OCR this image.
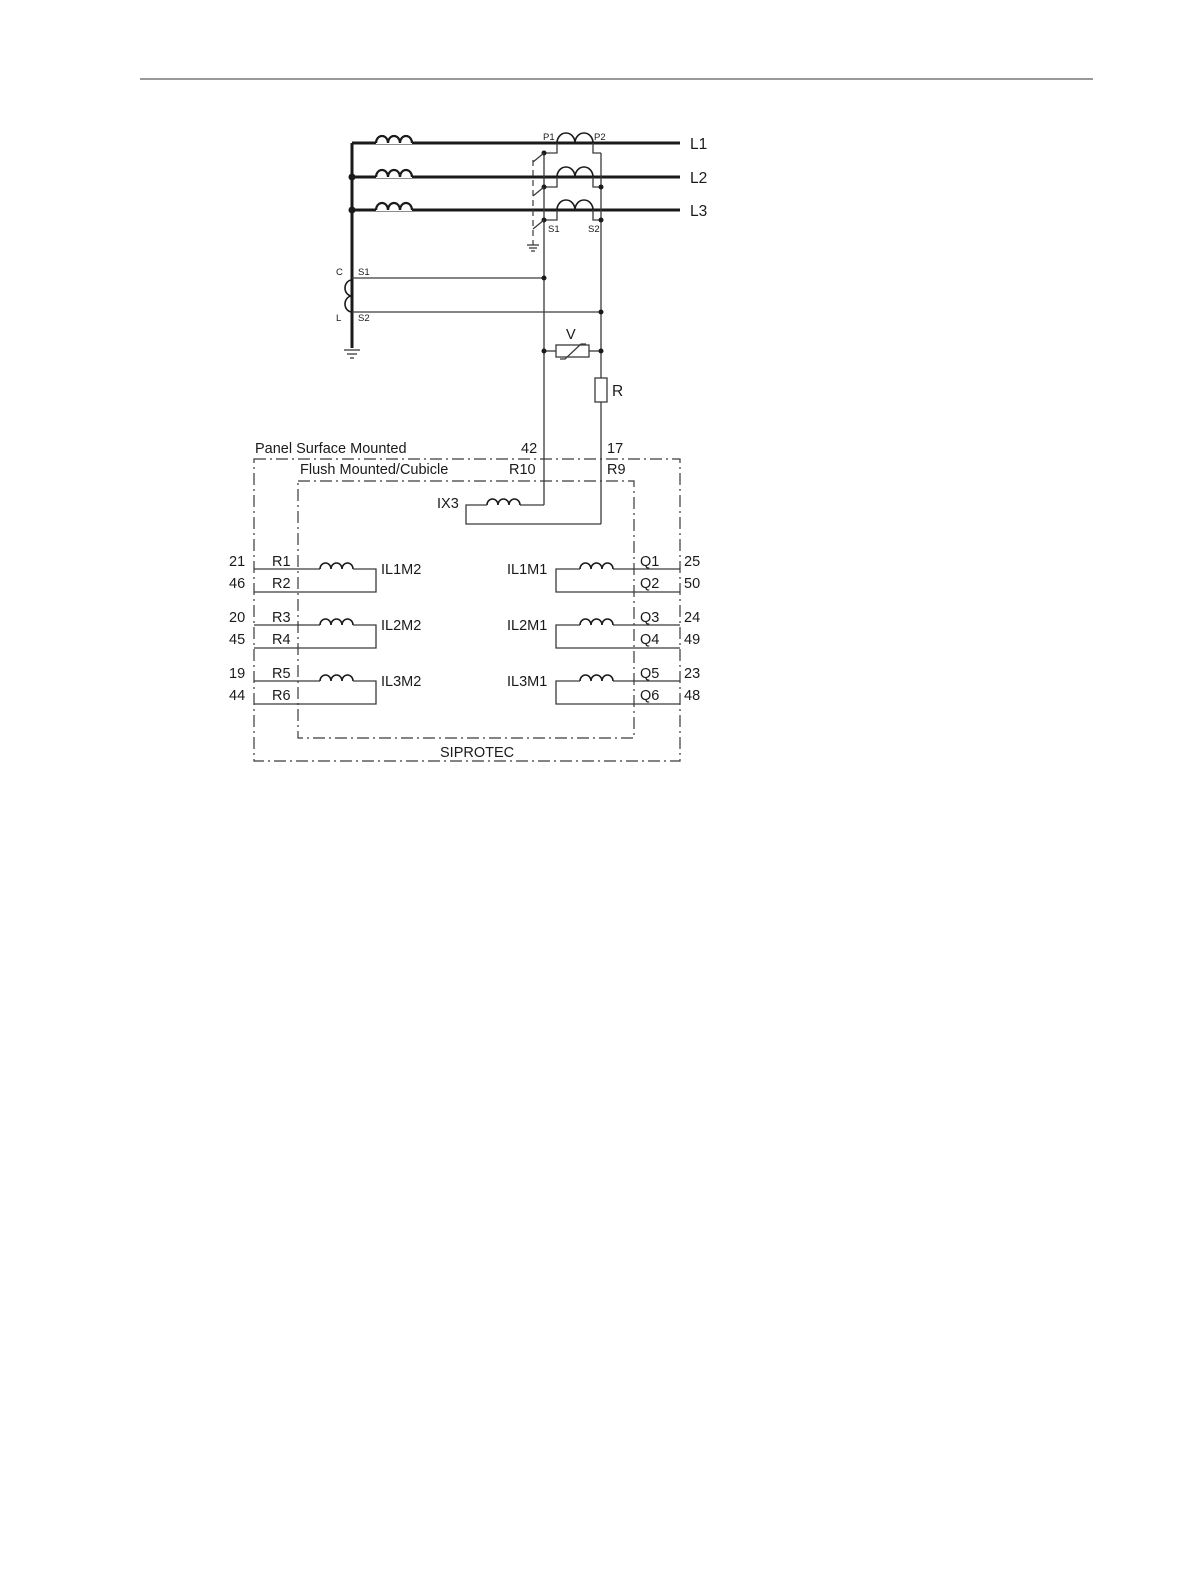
L1
L2
L3
P1	P2
S1	S2
C S1
L S2
V
R
Panel Surface Mounted
Flush Mounted/Cubicle
SIPROTEC
IX3
42
R10
17
R9
21 R1
46 R2
IL1M2
20 R3
45 R4
IL2M2
19 R5
44 R6
IL3M2
Q1 25
Q2 50
IL1M1
Q3 24
Q4 49
IL2M1
Q5 23
Q6 48
IL3M1
